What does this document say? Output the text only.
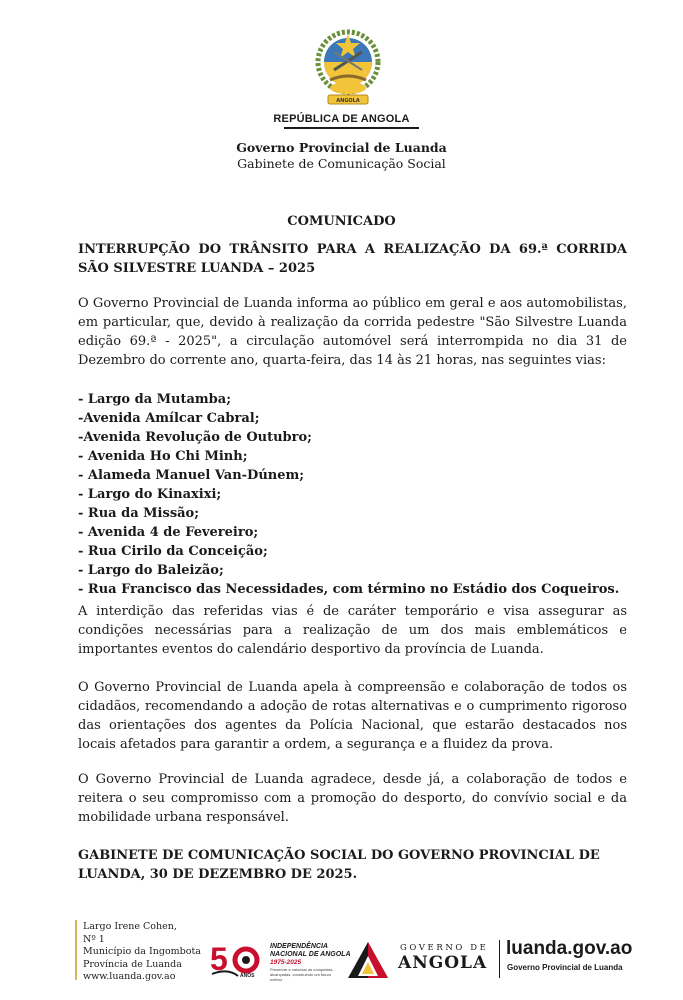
ANGOLA
REPÚBLICA DE ANGOLA
Governo Provincial de Luanda
Gabinete de Comunicação Social
COMUNICADO
INTERRUPÇÃO DO TRÂNSITO PARA A REALIZAÇÃO DA 69.ª CORRIDA SÃO SILVESTRE LUANDA – 2025
O Governo Provincial de Luanda informa ao público em geral e aos automobilistas, em particular, que, devido à realização da corrida pedestre "São Silvestre Luanda edição 69.ª - 2025", a circulação automóvel será interrompida no dia 31 de Dezembro do corrente ano, quarta-feira, das 14 às 21 horas, nas seguintes vias:
- Largo da Mutamba;
-Avenida Amílcar Cabral;
-Avenida Revolução de Outubro;
- Avenida Ho Chi Minh;
- Alameda Manuel Van-Dúnem;
- Largo do Kinaxixi;
- Rua da Missão;
- Avenida 4 de Fevereiro;
- Rua Cirilo da Conceição;
- Largo do Baleizão;
- Rua Francisco das Necessidades, com término no Estádio dos Coqueiros.
A interdição das referidas vias é de caráter temporário e visa assegurar as condições necessárias para a realização de um dos mais emblemáticos e importantes eventos do calendário desportivo da província de Luanda.
O Governo Provincial de Luanda apela à compreensão e colaboração de todos os cidadãos, recomendando a adoção de rotas alternativas e o cumprimento rigoroso das orientações dos agentes da Polícia Nacional, que estarão destacados nos locais afetados para garantir a ordem, a segurança e a fluidez da prova.
O Governo Provincial de Luanda agradece, desde já, a colaboração de todos e reitera o seu compromisso com a promoção do desporto, do convívio social e da mobilidade urbana responsável.
GABINETE DE COMUNICAÇÃO SOCIAL DO GOVERNO PROVINCIAL DE LUANDA, 30 DE DEZEMBRO DE 2025.
Largo Irene Cohen,
Nº 1
Município da Ingombota
Província de Luanda
www.luanda.gov.ao	5 ANOS
INDEPENDÊNCIA
NACIONAL DE ANGOLA
1975-2025
Preservar e valorizar as conquistas alcançadas, construindo um futuro melhor
GOVERNO DE
ANGOLA
luanda.gov.ao
Governo Provincial de Luanda
